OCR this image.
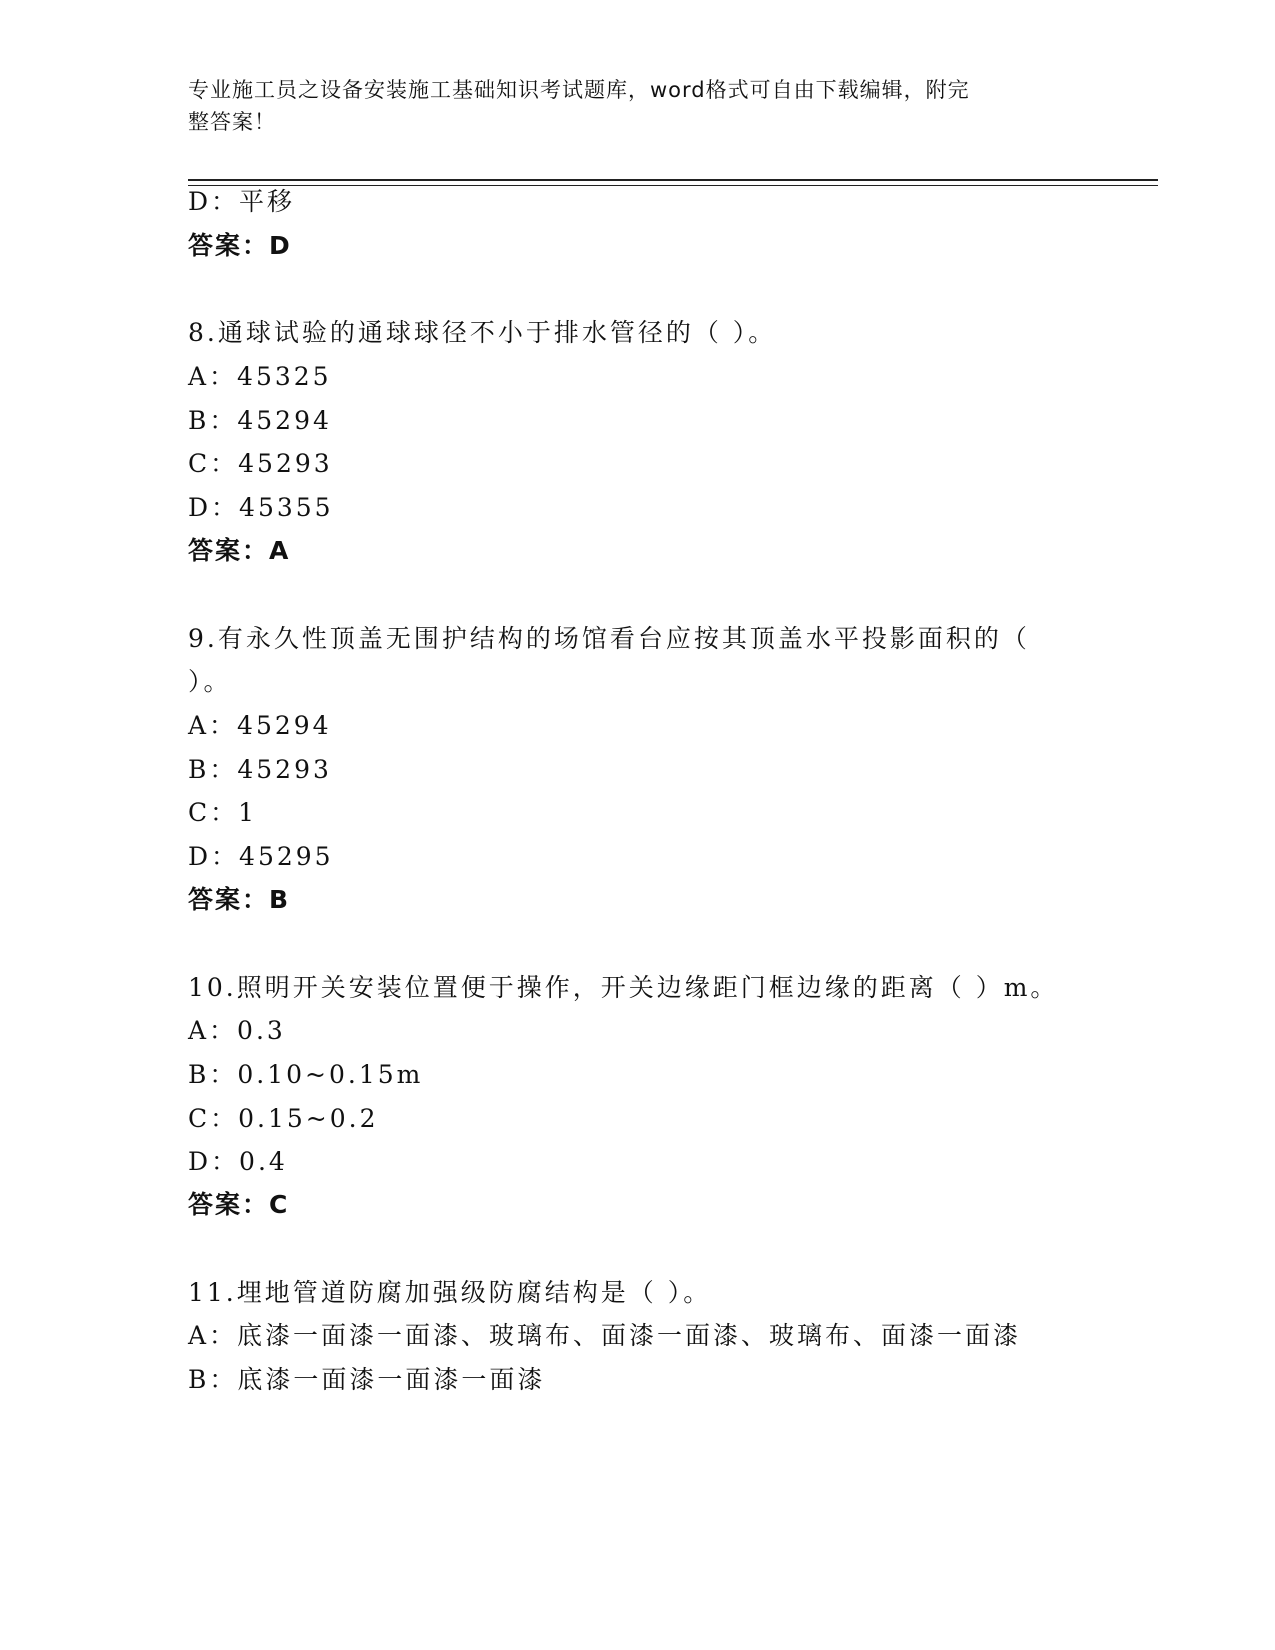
专业施工员之设备安装施工基础知识考试题库，word格式可自由下载编辑，附完
整答案！
D：平移
答案：D
8.通球试验的通球球径不小于排水管径的（ ）。
A：45325
B：45294
C：45293
D：45355
答案：A
9.有永久性顶盖无围护结构的场馆看台应按其顶盖水平投影面积的（
）。
A：45294
B：45293
C：1
D：45295
答案：B
10.照明开关安装位置便于操作，开关边缘距门框边缘的距离（ ）m。
A：0.3
B：0.10~0.15m
C：0.15~0.2
D：0.4
答案：C
11.埋地管道防腐加强级防腐结构是（ ）。
A：底漆一面漆一面漆、玻璃布、面漆一面漆、玻璃布、面漆一面漆
B：底漆一面漆一面漆一面漆
